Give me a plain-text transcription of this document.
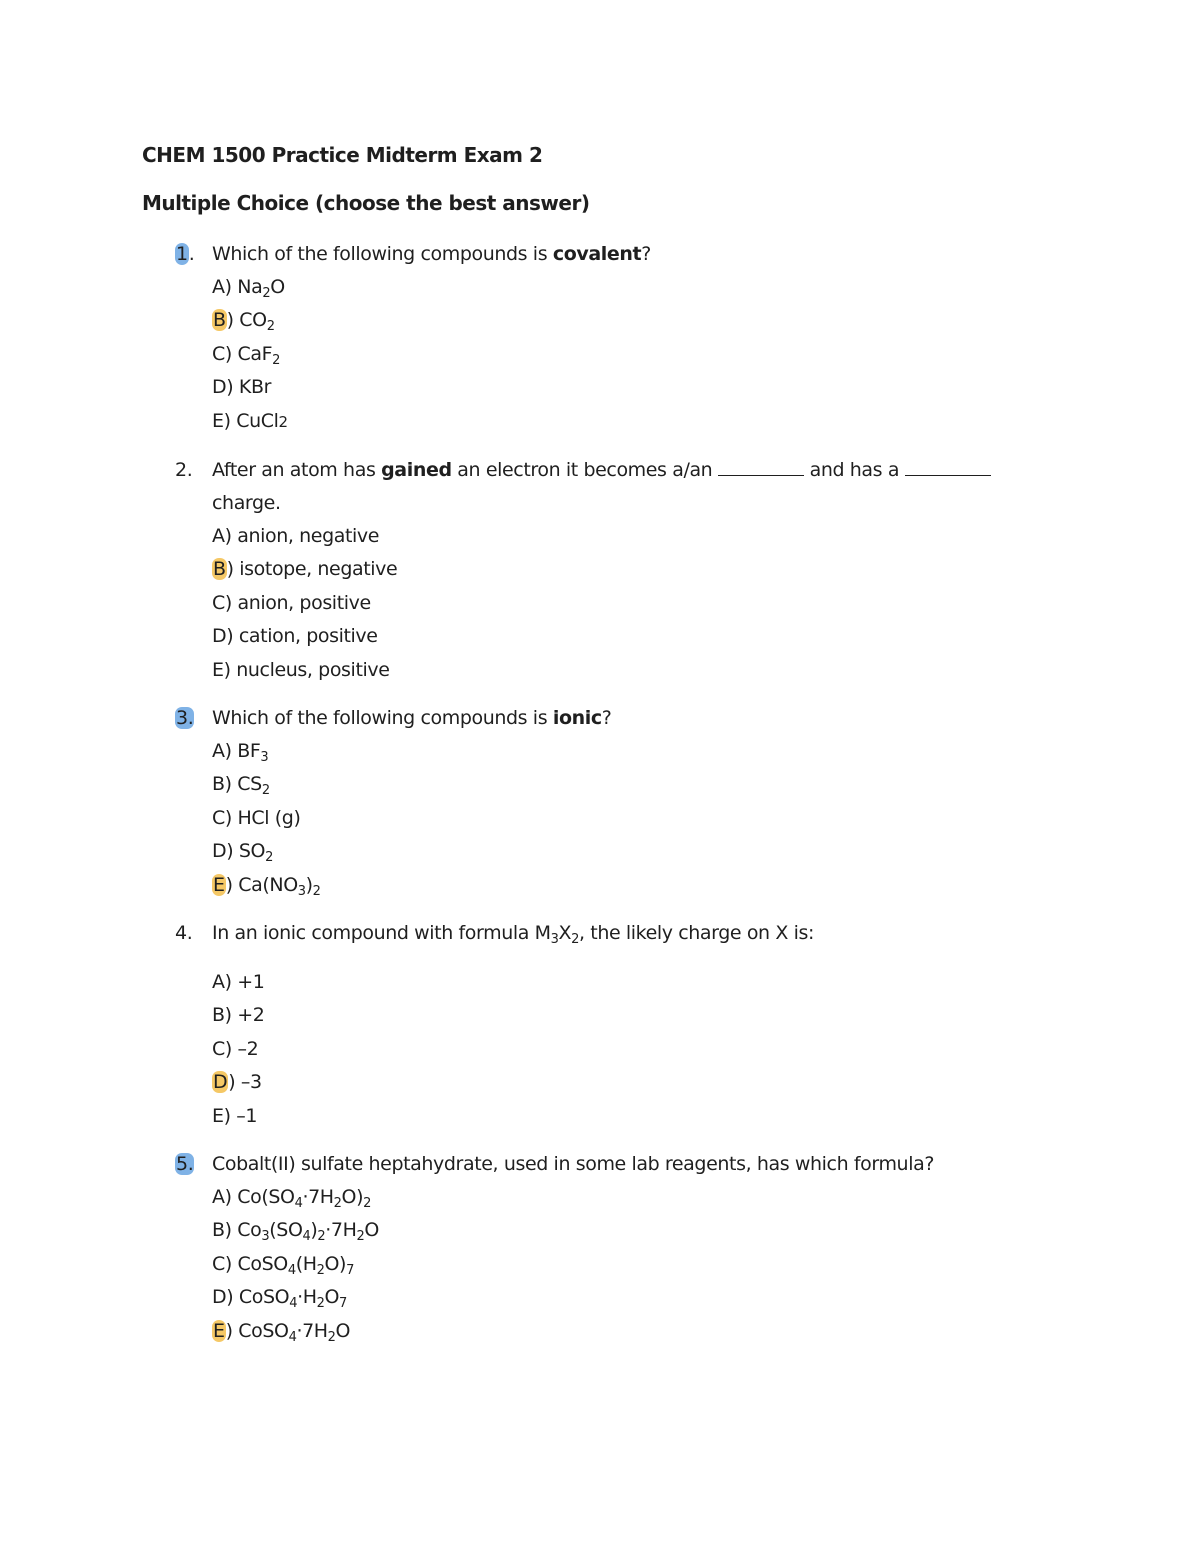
CHEM 1500 Practice Midterm Exam 2
Multiple Choice (choose the best answer)
1. Which of the following compounds is covalent?
A) $Na_2O$
B) $CO_2$
C) CaF$_2$
D) KBr
E) CuCl2
2. After an atom has gained an electron it becomes a/an	and has a
charge.
A) anion, negative
B) isotope, negative
C) anion, positive
D) cation, positive
E) nucleus, positive
3. Which of the following compounds is ionic?
A) $BF_3$
B) $CS_2$
C) HCl (g)
D) $SO_2$
E) $Ca(NO_3)_2$
4. In an ionic compound with formula $M_3X_2$, the likely charge on X is:
A) +1
B) +2
C) –2
D) –3
E) –1
5. Cobalt(II) sulfate heptahydrate, used in some lab reagents, has which formula?
A) $Co(SO_4\cdot 7H_2O)_2$
B) $Co_3(SO_4)_2\cdot 7H_2O$
C) $CoSO_4(H_2O)_7$
D) $CoSO_4\cdot H_2O_7$
E) $CoSO_4\cdot 7H_2O$
